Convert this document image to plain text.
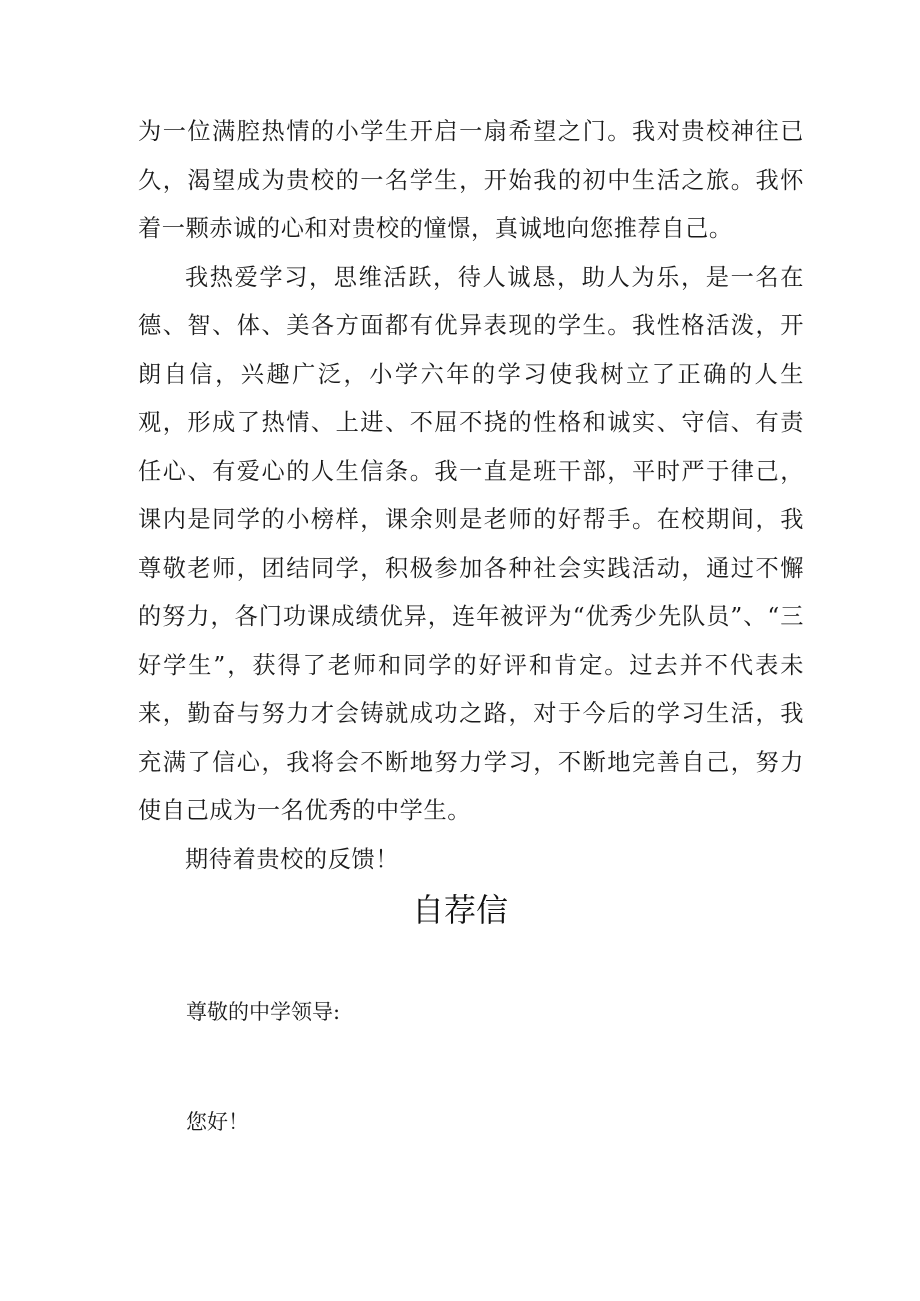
为一位满腔热情的小学生开启一扇希望之门。我对贵校神往已久，渴望成为贵校的一名学生，开始我的初中生活之旅。我怀着一颗赤诚的心和对贵校的憧憬，真诚地向您推荐自己。

我热爱学习，思维活跃，待人诚恳，助人为乐，是一名在德、智、体、美各方面都有优异表现的学生。我性格活泼，开朗自信，兴趣广泛，小学六年的学习使我树立了正确的人生观，形成了热情、上进、不屈不挠的性格和诚实、守信、有责任心、有爱心的人生信条。我一直是班干部，平时严于律己，课内是同学的小榜样，课余则是老师的好帮手。在校期间，我尊敬老师，团结同学，积极参加各种社会实践活动，通过不懈的努力，各门功课成绩优异，连年被评为“优秀少先队员”、“三好学生”，获得了老师和同学的好评和肯定。过去并不代表未来，勤奋与努力才会铸就成功之路，对于今后的学习生活，我充满了信心，我将会不断地努力学习，不断地完善自己，努力使自己成为一名优秀的中学生。

期待着贵校的反馈！

自荐信

尊敬的中学领导:

您好！
